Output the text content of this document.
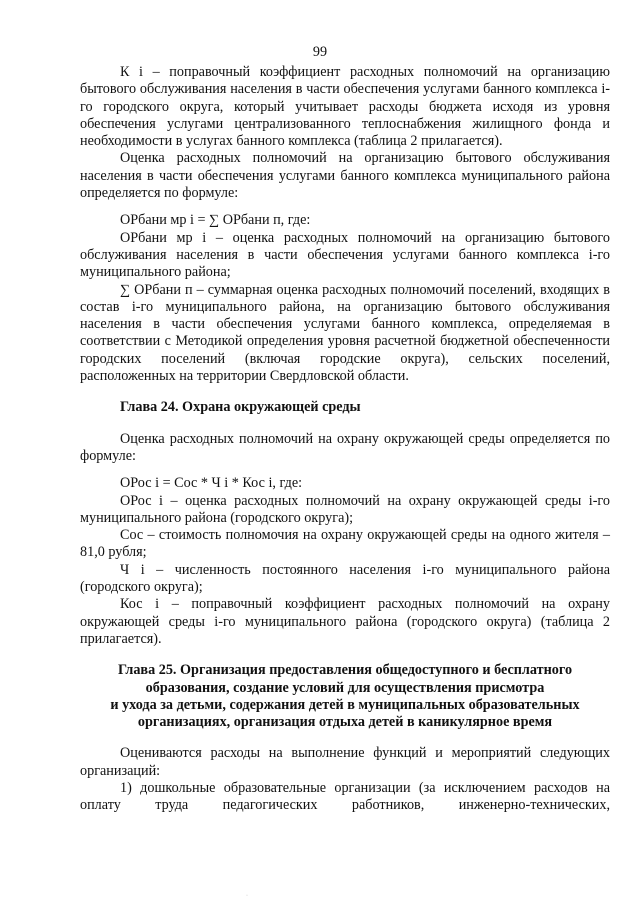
99

К i – поправочный коэффициент расходных полномочий на организацию бытового обслуживания населения в части обеспечения услугами банного комплекса i-го городского округа, который учитывает расходы бюджета исходя из уровня обеспечения услугами централизованного теплоснабжения жилищного фонда и необходимости в услугах банного комплекса (таблица 2 прилагается).

Оценка расходных полномочий на организацию бытового обслуживания населения в части обеспечения услугами банного комплекса муниципального района определяется по формуле:

ОРбани мр i = ∑ ОРбани п, где:

ОРбани мр i – оценка расходных полномочий на организацию бытового обслуживания населения в части обеспечения услугами банного комплекса i-го муниципального района;

∑ ОРбани п – суммарная оценка расходных полномочий поселений, входящих в состав i-го муниципального района, на организацию бытового обслуживания населения в части обеспечения услугами банного комплекса, определяемая в соответствии с Методикой определения уровня расчетной бюджетной обеспеченности городских поселений (включая городские округа), сельских поселений, расположенных на территории Свердловской области.

Глава 24. Охрана окружающей среды

Оценка расходных полномочий на охрану окружающей среды определяется по формуле:

ОРос i = Сос * Ч i * Кос i, где:

ОРос i – оценка расходных полномочий на охрану окружающей среды i-го муниципального района (городского округа);

Сос – стоимость полномочия на охрану окружающей среды на одного жителя – 81,0 рубля;

Ч i – численность постоянного населения i-го муниципального района (городского округа);

Кос i – поправочный коэффициент расходных полномочий на охрану окружающей среды i-го муниципального района (городского округа) (таблица 2 прилагается).

Глава 25. Организация предоставления общедоступного и бесплатного
образования, создание условий для осуществления присмотра
и ухода за детьми, содержания детей в муниципальных образовательных
организациях, организация отдыха детей в каникулярное время

Оцениваются расходы на выполнение функций и мероприятий следующих организаций:

1) дошкольные образовательные организации (за исключением расходов на оплату труда педагогических работников, инженерно-технических,

·
